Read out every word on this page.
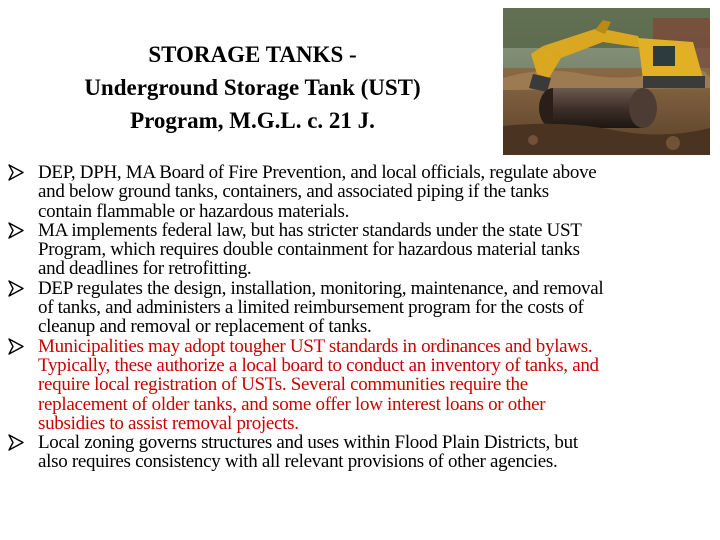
STORAGE TANKS -
Underground Storage Tank (UST)
Program, M.G.L. c. 21 J.
DEP, DPH, MA Board of Fire Prevention, and local officials, regulate above
and below ground tanks, containers, and associated piping if the tanks
contain flammable or hazardous materials.
MA implements federal law, but has stricter standards under the state UST
Program, which requires double containment for hazardous material tanks
and deadlines for retrofitting.
DEP regulates the design, installation, monitoring, maintenance, and removal
of tanks, and administers a limited reimbursement program for the costs of
cleanup and removal or replacement of tanks.
Municipalities may adopt tougher UST standards in ordinances and bylaws.
Typically, these authorize a local board to conduct an inventory of tanks, and
require local registration of USTs. Several communities require the
replacement of older tanks, and some offer low interest loans or other
subsidies to assist removal projects.
Local zoning governs structures and uses within Flood Plain Districts, but
also requires consistency with all relevant provisions of other agencies.
